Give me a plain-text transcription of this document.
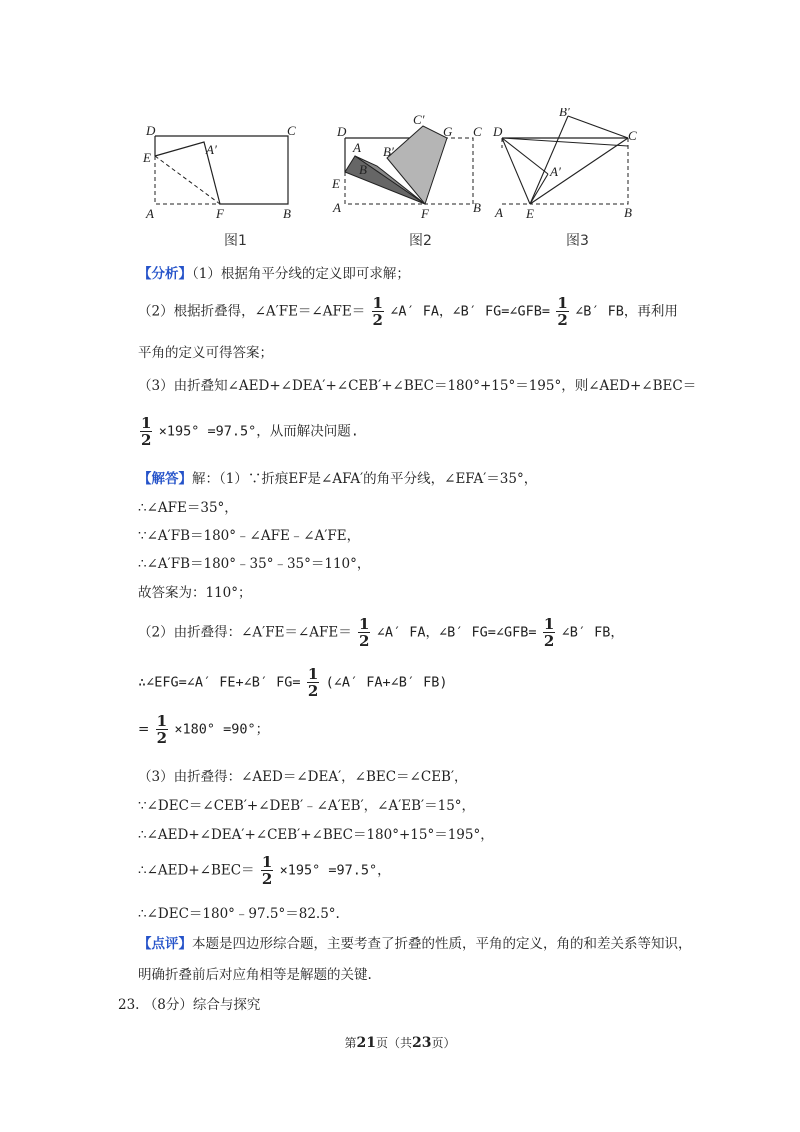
D	C
E
A′
A	F	B
图1
D
C′
G C
A B′
B
E
A	F	B
图2
B′
D	C
A′
A E	B
图3
【分析】（1）根据角平分线的定义即可求解；
（2）根据折叠得，∠A′FE＝∠AFE＝ $\frac{1}{2}$ ∠A′ FA，∠B′ FG=∠GFB= $\frac{1}{2}$ ∠B′ FB，再利用
平角的定义可得答案；
（3）由折叠知∠AED+∠DEA′+∠CEB′+∠BEC＝180°+15°＝195°，则∠AED+∠BEC＝
$\frac{1}{2} \times 195^\circ =97.5^\circ$，从而解决问题.
【解答】解：（1）∵折痕EF是∠AFA′的角平分线，∠EFA′＝35°，
∴∠AFE＝35°，
∵∠A′FB＝180°﹣∠AFE﹣∠A′FE，
∴∠A′FB＝180°﹣35°﹣35°＝110°，
故答案为：110°；
（2）由折叠得：∠A′FE＝∠AFE＝ $\frac{1}{2}$ ∠A′ FA，∠B′ FG=∠GFB= $\frac{1}{2}$ ∠B′ FB，
∴∠EFG=∠A′ FE+∠B′ $FG= \frac{1}{2}$ (∠A′ FA+∠B′ FB)
= $\frac{1}{2} \times 180^\circ =90^\circ$；
（3）由折叠得：∠AED＝∠DEA′，∠BEC＝∠CEB′，
∵∠DEC＝∠CEB′+∠DEB′﹣∠A′EB′，∠A′EB′＝15°，
∴∠AED+∠DEA′+∠CEB′+∠BEC＝180°+15°＝195°，
∴∠AED+∠BEC＝ $\frac{1}{2} \times 195^\circ =97.5^\circ$，
∴∠DEC＝180°﹣97.5°＝82.5°.
【点评】本题是四边形综合题，主要考查了折叠的性质，平角的定义，角的和差关系等知识，
明确折叠前后对应角相等是解题的关键.
23. （8分）综合与探究
第21页（共23页）
